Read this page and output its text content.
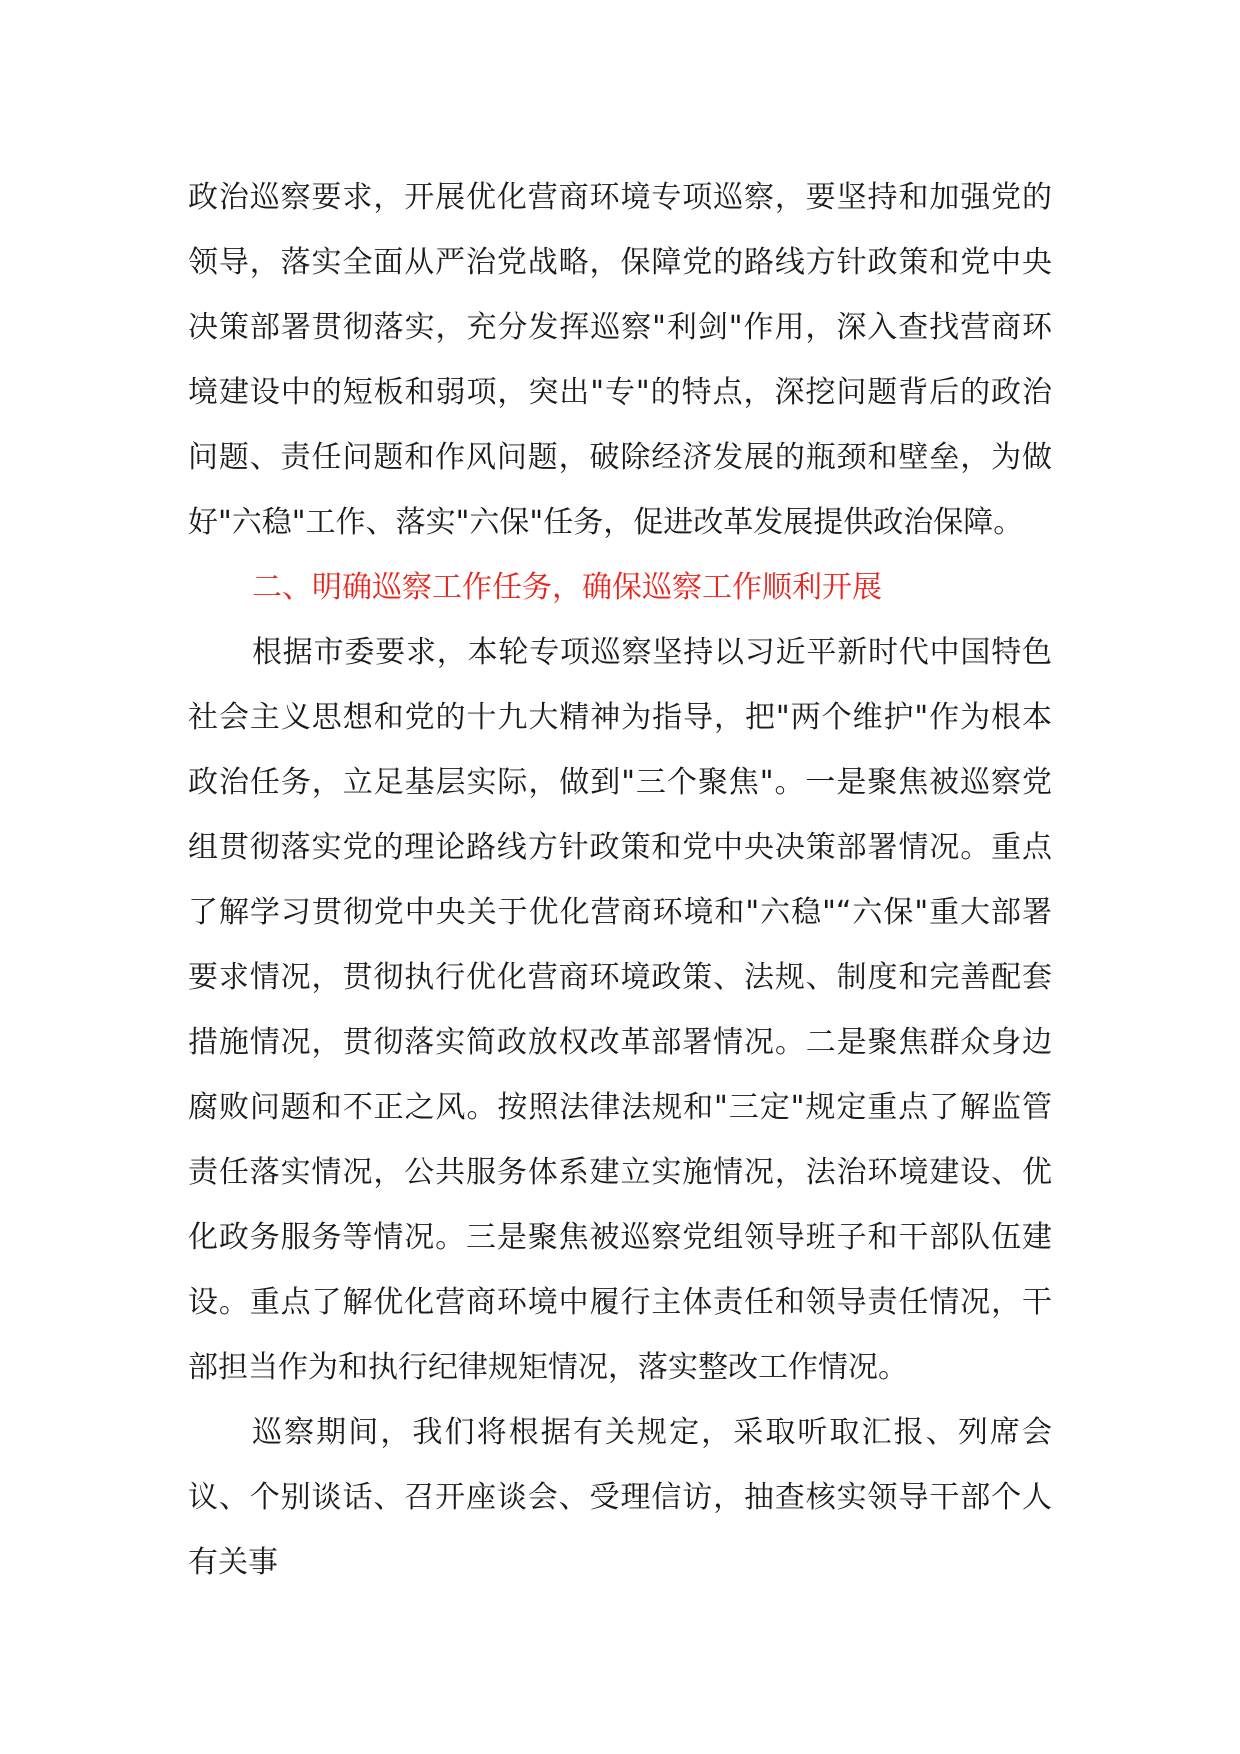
政治巡察要求，开展优化营商环境专项巡察，要坚持和加强党的领导，落实全面从严治党战略，保障党的路线方针政策和党中央决策部署贯彻落实，充分发挥巡察"利剑"作用，深入查找营商环境建设中的短板和弱项，突出"专"的特点，深挖问题背后的政治问题、责任问题和作风问题，破除经济发展的瓶颈和壁垒，为做好"六稳"工作、落实"六保"任务，促进改革发展提供政治保障。

二、明确巡察工作任务，确保巡察工作顺利开展

根据市委要求，本轮专项巡察坚持以习近平新时代中国特色社会主义思想和党的十九大精神为指导，把"两个维护"作为根本政治任务，立足基层实际，做到"三个聚焦"。一是聚焦被巡察党组贯彻落实党的理论路线方针政策和党中央决策部署情况。重点了解学习贯彻党中央关于优化营商环境和"六稳"“六保"重大部署要求情况，贯彻执行优化营商环境政策、法规、制度和完善配套措施情况，贯彻落实简政放权改革部署情况。二是聚焦群众身边腐败问题和不正之风。按照法律法规和"三定"规定重点了解监管责任落实情况，公共服务体系建立实施情况，法治环境建设、优化政务服务等情况。三是聚焦被巡察党组领导班子和干部队伍建设。重点了解优化营商环境中履行主体责任和领导责任情况，干部担当作为和执行纪律规矩情况，落实整改工作情况。

巡察期间，我们将根据有关规定，采取听取汇报、列席会议、个别谈话、召开座谈会、受理信访，抽查核实领导干部个人有关事
